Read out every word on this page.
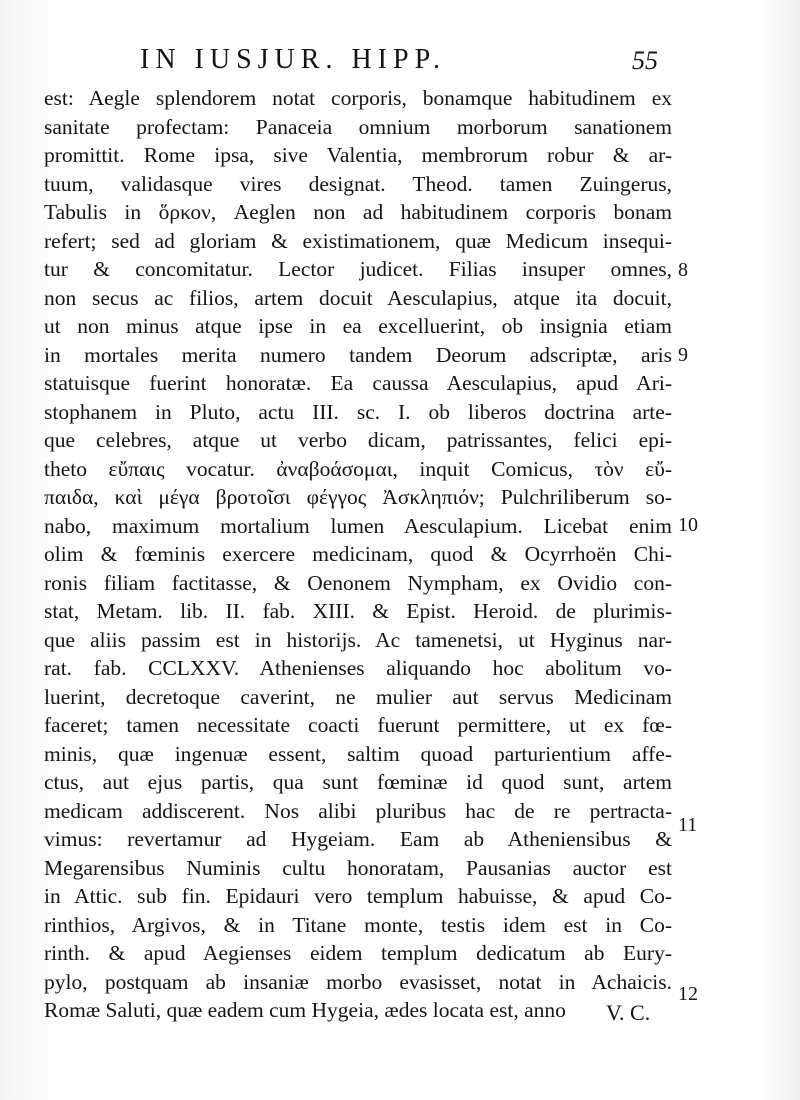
IN IUSJUR. HIPP.	55
est: Aegle splendorem notat corporis, bonamque habitudinem ex
sanitate profectam: Panaceia omnium morborum sanationem
promittit. Rome ipsa, sive Valentia, membrorum robur & ar-
tuum, validasque vires designat. Theod. tamen Zuingerus,
Tabulis in ὅρκον, Aeglen non ad habitudinem corporis bonam
refert; sed ad gloriam & existimationem, quæ Medicum insequi-
tur & concomitatur. Lector judicet. Filias insuper omnes,
non secus ac filios, artem docuit Aesculapius, atque ita docuit,
ut non minus atque ipse in ea excelluerint, ob insignia etiam
in mortales merita numero tandem Deorum adscriptæ, aris
statuisque fuerint honoratæ. Ea caussa Aesculapius, apud Ari-
stophanem in Pluto, actu III. sc. I. ob liberos doctrina arte-
que celebres, atque ut verbo dicam, patrissantes, felici epi-
theto εὔπαις vocatur. ἀναβοάσομαι, inquit Comicus, τὸν εὔ-
παιδα, καὶ μέγα βροτοῖσι φέγγος Ἀσκληπιόν; Pulchriliberum so-
nabo, maximum mortalium lumen Aesculapium. Licebat enim
olim & fœminis exercere medicinam, quod & Ocyrrhoën Chi-
ronis filiam factitasse, & Oenonem Nympham, ex Ovidio con-
stat, Metam. lib. II. fab. XIII. & Epist. Heroid. de plurimis-
que aliis passim est in historijs. Ac tamenetsi, ut Hyginus nar-
rat. fab. CCLXXV. Athenienses aliquando hoc abolitum vo-
luerint, decretoque caverint, ne mulier aut servus Medicinam
faceret; tamen necessitate coacti fuerunt permittere, ut ex fœ-
minis, quæ ingenuæ essent, saltim quoad parturientium affe-
ctus, aut ejus partis, qua sunt fœminæ id quod sunt, artem
medicam addiscerent. Nos alibi pluribus hac de re pertracta-
vimus: revertamur ad Hygeiam. Eam ab Atheniensibus &
Megarensibus Numinis cultu honoratam, Pausanias auctor est
in Attic. sub fin. Epidauri vero templum habuisse, & apud Co-
rinthios, Argivos, & in Titane monte, testis idem est in Co-
rinth. & apud Aegienses eidem templum dedicatum ab Eury-
pylo, postquam ab insaniæ morbo evasisset, notat in Achaicis.
Romæ Saluti, quæ eadem cum Hygeia, ædes locata est, anno
8
9
10
11
12
V. C.
